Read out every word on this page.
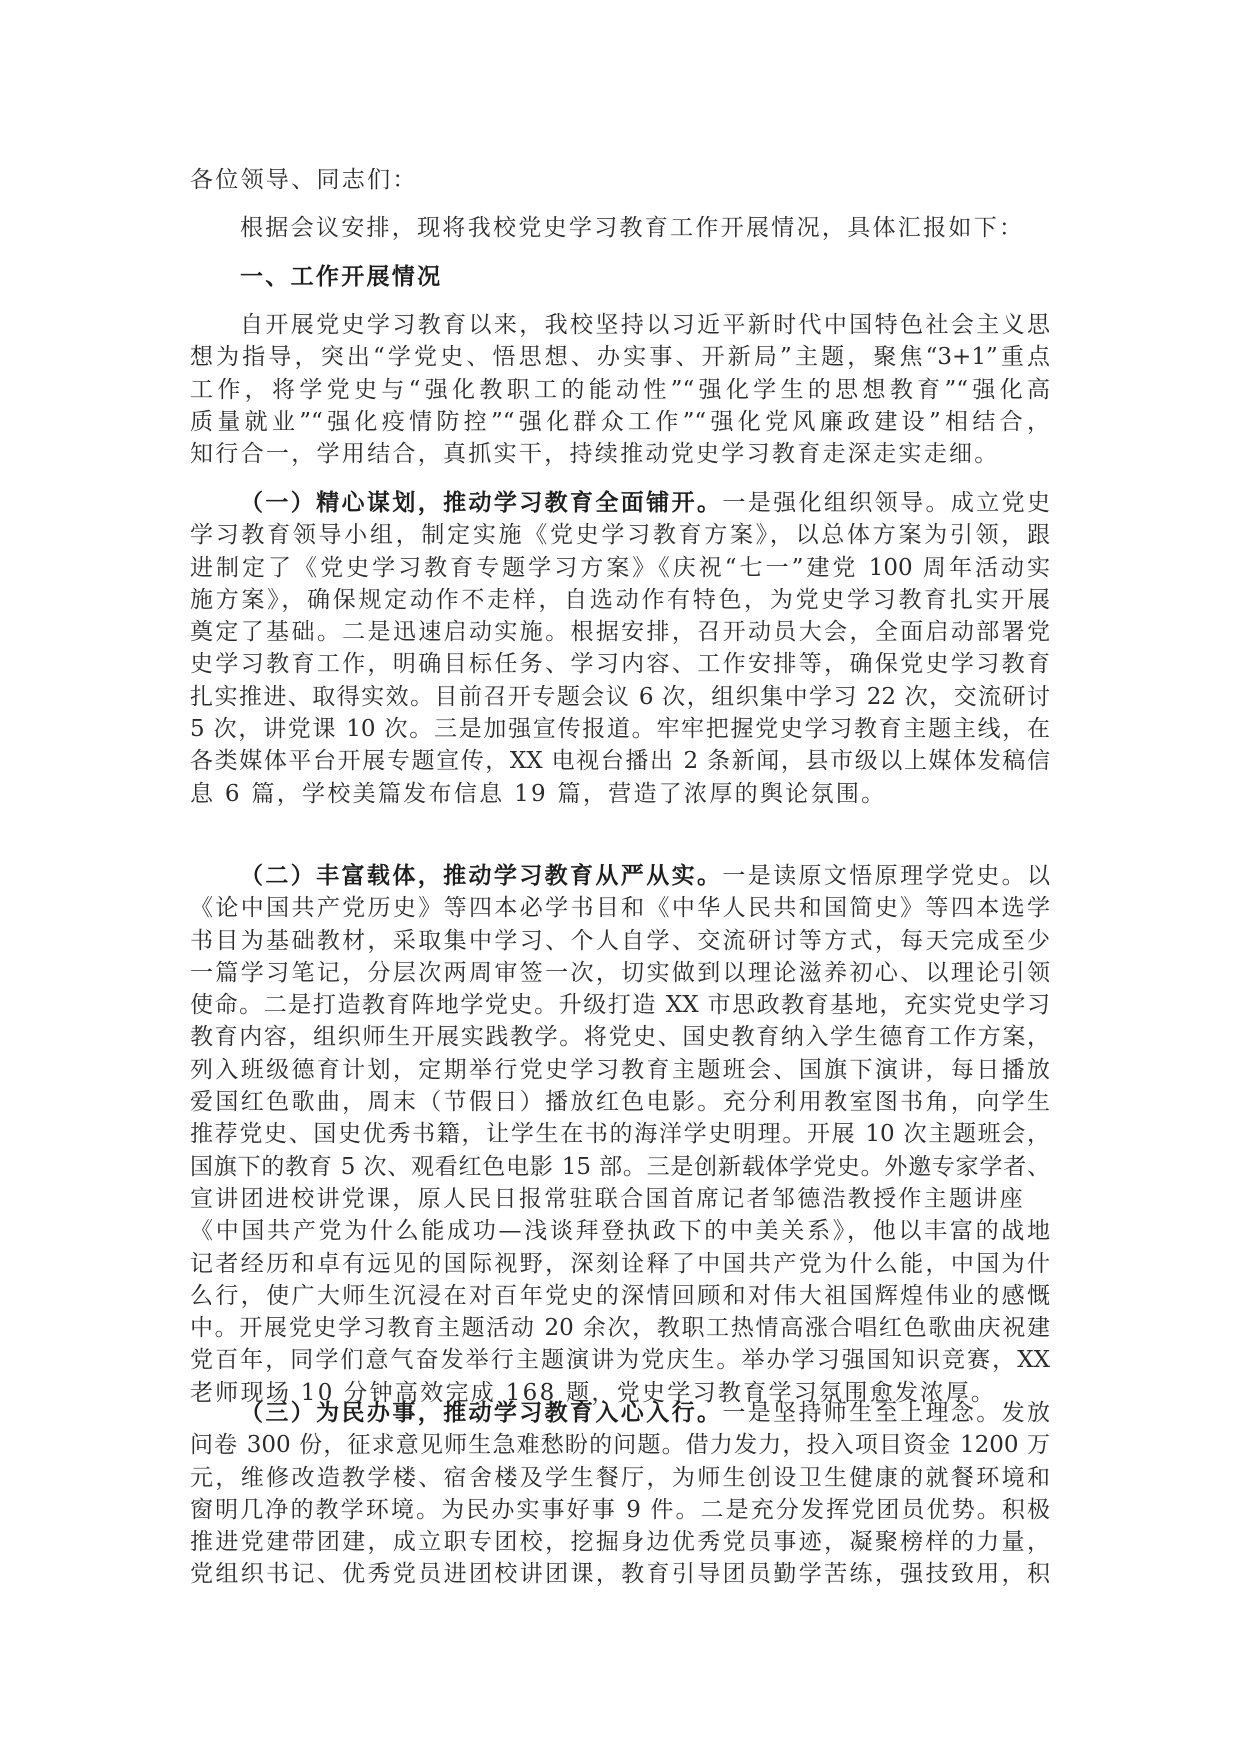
各位领导、同志们：
根据会议安排，现将我校党史学习教育工作开展情况，具体汇报如下：
一、工作开展情况
自开展党史学习教育以来，我校坚持以习近平新时代中国特色社会主义思
想为指导，突出“学党史、悟思想、办实事、开新局”主题，聚焦“3+1”重点
工作，将学党史与“强化教职工的能动性”“强化学生的思想教育”“强化高
质量就业”“强化疫情防控”“强化群众工作”“强化党风廉政建设”相结合，
知行合一，学用结合，真抓实干，持续推动党史学习教育走深走实走细。
（一）精心谋划，推动学习教育全面铺开。一是强化组织领导。成立党史
学习教育领导小组，制定实施《党史学习教育方案》，以总体方案为引领，跟
进制定了《党史学习教育专题学习方案》《庆祝“七一”建党 100 周年活动实
施方案》，确保规定动作不走样，自选动作有特色，为党史学习教育扎实开展
奠定了基础。二是迅速启动实施。根据安排，召开动员大会，全面启动部署党
史学习教育工作，明确目标任务、学习内容、工作安排等，确保党史学习教育
扎实推进、取得实效。目前召开专题会议 6 次，组织集中学习 22 次，交流研讨
5 次，讲党课 10 次。三是加强宣传报道。牢牢把握党史学习教育主题主线，在
各类媒体平台开展专题宣传，XX 电视台播出 2 条新闻，县市级以上媒体发稿信
息 6 篇，学校美篇发布信息 19 篇，营造了浓厚的舆论氛围。
（二）丰富载体，推动学习教育从严从实。一是读原文悟原理学党史。以
《论中国共产党历史》等四本必学书目和《中华人民共和国简史》等四本选学
书目为基础教材，采取集中学习、个人自学、交流研讨等方式，每天完成至少
一篇学习笔记，分层次两周审签一次，切实做到以理论滋养初心、以理论引领
使命。二是打造教育阵地学党史。升级打造 XX 市思政教育基地，充实党史学习
教育内容，组织师生开展实践教学。将党史、国史教育纳入学生德育工作方案，
列入班级德育计划，定期举行党史学习教育主题班会、国旗下演讲，每日播放
爱国红色歌曲，周末（节假日）播放红色电影。充分利用教室图书角，向学生
推荐党史、国史优秀书籍，让学生在书的海洋学史明理。开展 10 次主题班会，
国旗下的教育 5 次、观看红色电影 15 部。三是创新载体学党史。外邀专家学者、
宣讲团进校讲党课，原人民日报常驻联合国首席记者邹德浩教授作主题讲座
《中国共产党为什么能成功—浅谈拜登执政下的中美关系》，他以丰富的战地
记者经历和卓有远见的国际视野，深刻诠释了中国共产党为什么能，中国为什
么行，使广大师生沉浸在对百年党史的深情回顾和对伟大祖国辉煌伟业的感慨
中。开展党史学习教育主题活动 20 余次，教职工热情高涨合唱红色歌曲庆祝建
党百年，同学们意气奋发举行主题演讲为党庆生。举办学习强国知识竞赛，XX
老师现场 10 分钟高效完成 168 题，党史学习教育学习氛围愈发浓厚。
（三）为民办事，推动学习教育入心入行。一是坚持师生至上理念。发放
问卷 300 份，征求意见师生急难愁盼的问题。借力发力，投入项目资金 1200 万
元，维修改造教学楼、宿舍楼及学生餐厅，为师生创设卫生健康的就餐环境和
窗明几净的教学环境。为民办实事好事 9 件。二是充分发挥党团员优势。积极
推进党建带团建，成立职专团校，挖掘身边优秀党员事迹，凝聚榜样的力量，
党组织书记、优秀党员进团校讲团课，教育引导团员勤学苦练，强技致用，积
